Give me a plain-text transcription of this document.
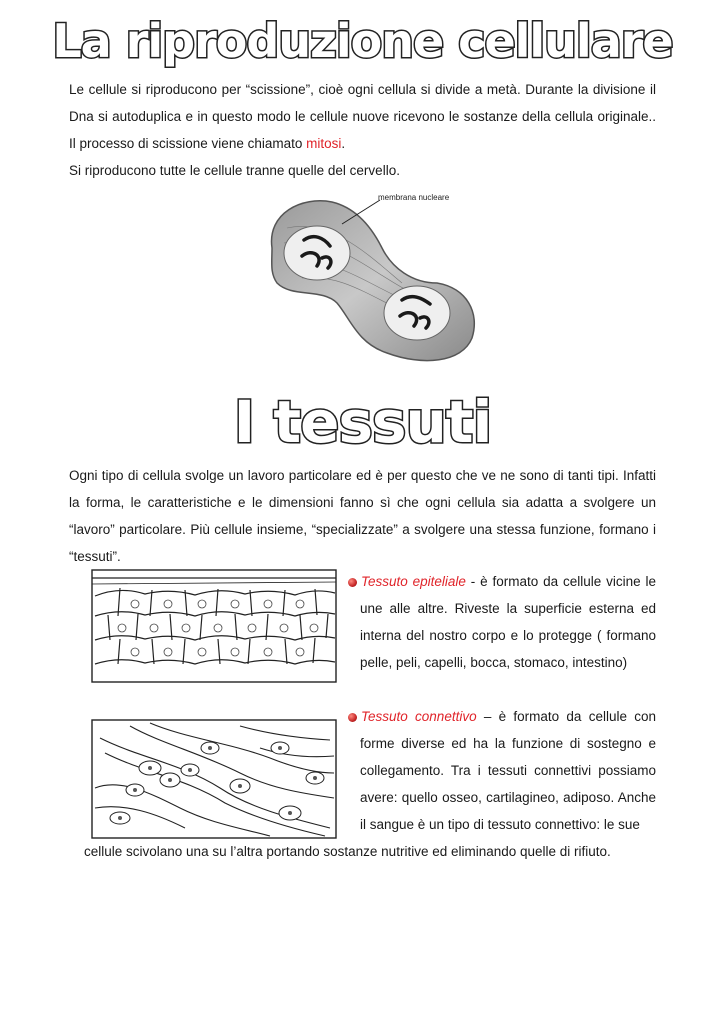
La riproduzione cellulare

Le cellule si riproducono per “scissione”, cioè ogni cellula si divide a metà. Durante la divisione il Dna si autoduplica e in questo modo le cellule nuove ricevono le sostanze della cellula originale.. Il processo di scissione viene chiamato mitosi.
Si riproducono tutte le cellule tranne quelle del cervello.

membrana nucleare
I tessuti

Ogni tipo di cellula svolge un lavoro particolare ed è per questo che ve ne sono di tanti tipi. Infatti la forma, le caratteristiche e le dimensioni fanno sì che ogni cellula sia adatta a svolgere un “lavoro” particolare. Più cellule insieme, “specializzate” a svolgere una stessa funzione, formano i “tessuti”.

Tessuto epiteliale - è formato da cellule vicine le une alle altre. Riveste la superficie esterna ed interna del nostro corpo e lo protegge ( formano pelle, peli, capelli, bocca, stomaco, intestino)

Tessuto connettivo – è formato da cellule con forme diverse ed ha la funzione di sostegno e collegamento. Tra i tessuti connettivi possiamo avere: quello osseo, cartilagineo, adiposo. Anche il sangue è un tipo di tessuto connettivo: le sue

cellule scivolano una su l’altra portando sostanze nutritive ed eliminando quelle di rifiuto.
